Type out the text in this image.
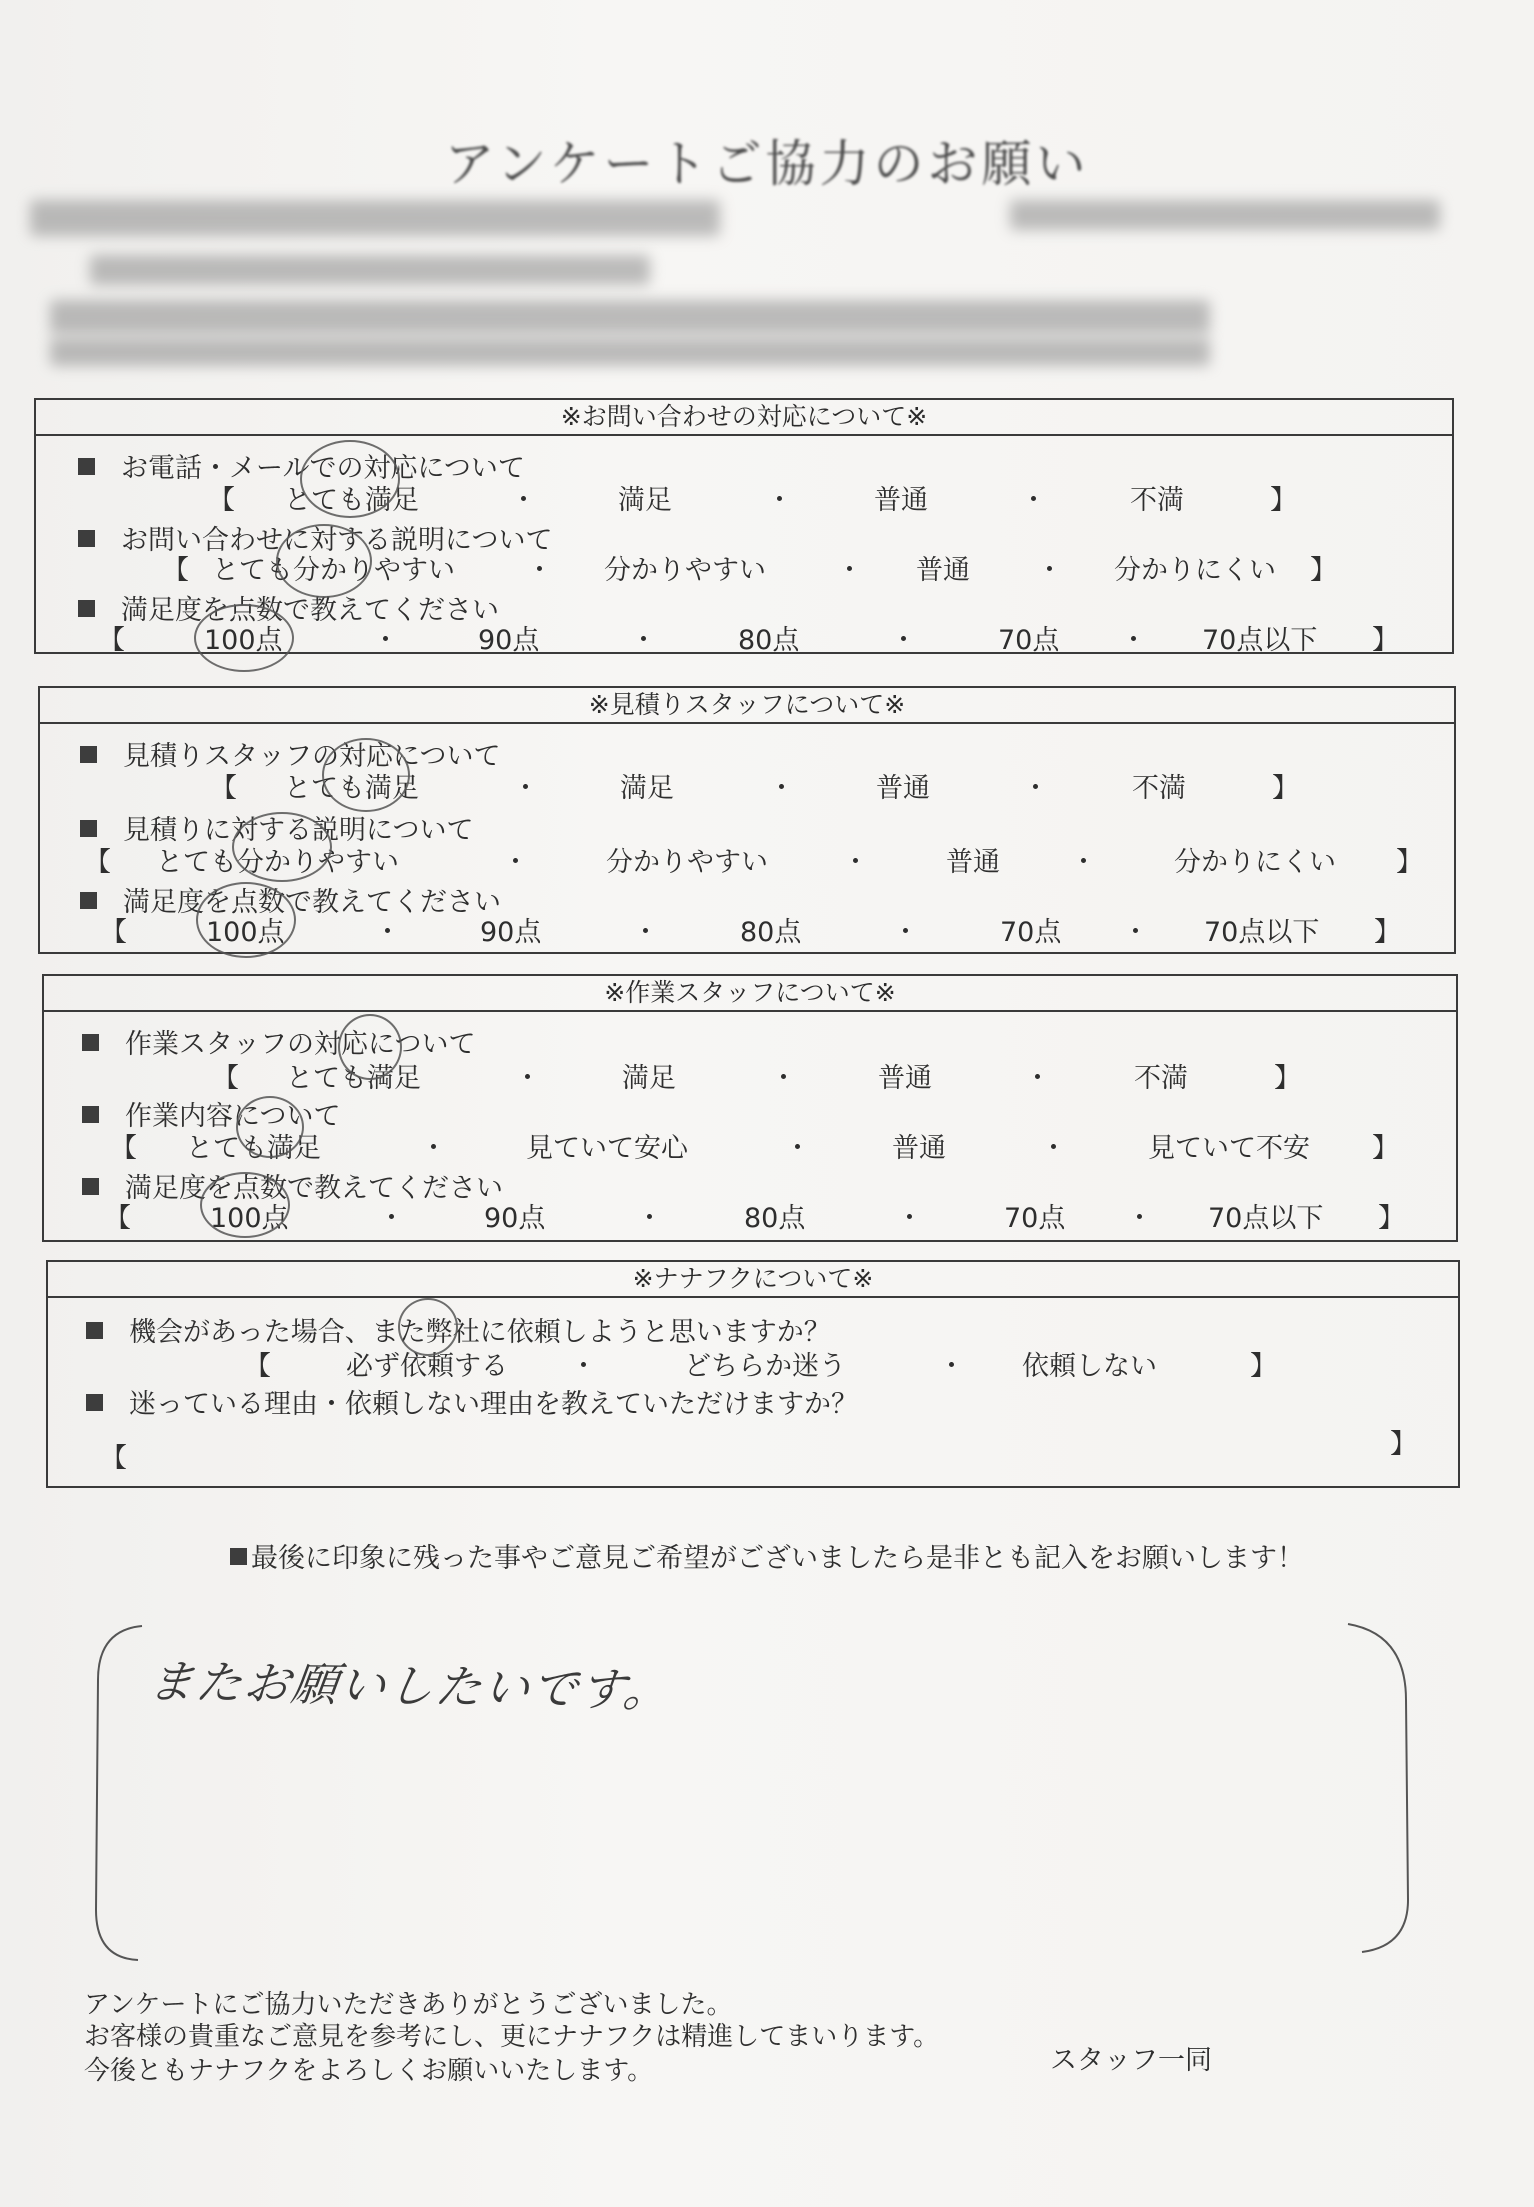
アンケートご協力のお願い
※お問い合わせの対応について※
お電話・メールでの対応について
【 とても満足	・	満足	・	普通	・	不満	】
お問い合わせに対する説明について
【 とても分かりやすい	・ 分かりやすい	・ 普通 ・ 分かりにくい 】
満足度を点数で教えてください
【	100点	・	90点	・	80点	・	70点 ・ 70点以下 】
※見積りスタッフについて※
見積りスタッフの対応について
【 とても満足	・	満足	・	普通	・	不満	】
見積りに対する説明について
【 とても分かりやすい	・	分かりやすい	・	普通	・	分かりにくい 】
満足度を点数で教えてください
【	100点	・	90点	・	80点	・	70点 ・ 70点以下 】
※作業スタッフについて※
作業スタッフの対応について
【 とても満足	・	満足	・	普通	・	不満	】
作業内容について
【 とても満足	・	見ていて安心	・	普通	・	見ていて不安 】
満足度を点数で教えてください
【	100点	・	90点	・	80点	・	70点 ・ 70点以下 】
※ナナフクについて※
機会があった場合、また弊社に依頼しようと思いますか？
【	必ず依頼する ・	どちらか迷う	・ 依頼しない	】
迷っている理由・依頼しない理由を教えていただけますか？
【	】
最後に印象に残った事やご意見ご希望がございましたら是非とも記入をお願いします！
またお願いしたいです。
アンケートにご協力いただきありがとうございました。
お客様の貴重なご意見を参考にし、更にナナフクは精進してまいります。
今後ともナナフクをよろしくお願いいたします。	スタッフ一同
